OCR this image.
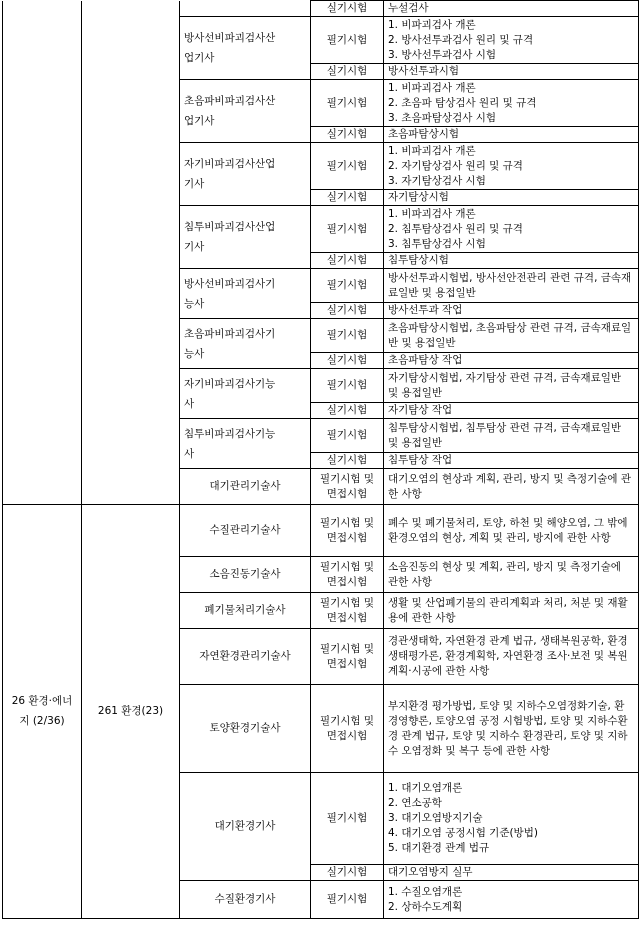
			실기시험	누설검사

		방사선비파괴검사산업기사	필기시험	1. 비파괴검사 개론
2. 방사선투과검사 원리 및 규격
3. 방사선투과검사 시험

			실기시험	방사선투과시험

		초음파비파괴검사산업기사	필기시험	1. 비파괴검사 개론
2. 초음파 탐상검사 원리 및 규격
3. 초음파탐상검사 시험

			실기시험	초음파탐상시험

		자기비파괴검사산업기사	필기시험	1. 비파괴검사 개론
2. 자기탐상검사 원리 및 규격
3. 자기탐상검사 시험

			실기시험	자기탐상시험

		침투비파괴검사산업기사	필기시험	1. 비파괴검사 개론
2. 침투탐상검사 원리 및 규격
3. 침투탐상검사 시험

			실기시험	침투탐상시험

		방사선비파괴검사기능사	필기시험	방사선투과시험법, 방사선안전관리 관련 규격, 금속재료일반 및 용접일반
			실기시험	방사선투과 작업

		초음파비파괴검사기능사	필기시험	초음파탐상시험법, 초음파탐상 관련 규격, 금속재료일반 및 용접일반
			실기시험	초음파탐상 작업

		자기비파괴검사기능사	필기시험	자기탐상시험법, 자기탐상 관련 규격, 금속재료일반 및 용접일반
			실기시험	자기탐상 작업

		침투비파괴검사기능사	필기시험	침투탐상시험법, 침투탐상 관련 규격, 금속재료일반 및 용접일반
			실기시험	침투탐상 작업
		대기관리기술사	필기시험 및 면접시험	대기오염의 현상과 계획, 관리, 방지 및 측정기술에 관한 사항
26 환경·에너지 (2/36)	261 환경(23)	수질관리기술사	필기시험 및 면접시험	폐수 및 폐기물처리, 토양, 하천 및 해양오염, 그 밖에 환경오염의 현상, 계획 및 관리, 방지에 관한 사항
		소음진동기술사	필기시험 및 면접시험	소음진동의 현상 및 계획, 관리, 방지 및 측정기술에 관한 사항
		폐기물처리기술사	필기시험 및 면접시험	생활 및 산업폐기물의 관리계획과 처리, 처분 및 재활용에 관한 사항
		자연환경관리기술사	필기시험 및 면접시험	경관생태학, 자연환경 관계 법규, 생태복원공학, 환경생태평가론, 환경계획학, 자연환경 조사·보전 및 복원계획·시공에 관한 사항
		토양환경기술사	필기시험 및 면접시험	부지환경 평가방법, 토양 및 지하수오염정화기술, 환경영향론, 토양오염 공정 시험방법, 토양 및 지하수환경 관계 법규, 토양 및 지하수 환경관리, 토양 및 지하수 오염정화 및 복구 등에 관한 사항
		대기환경기사	필기시험	1. 대기오염개론
2. 연소공학
3. 대기오염방지기술
4. 대기오염 공정시험 기준(방법)
5. 대기환경 관계 법규

			실기시험	대기오염방지 실무
		수질환경기사	필기시험	1. 수질오염개론
2. 상하수도계획
